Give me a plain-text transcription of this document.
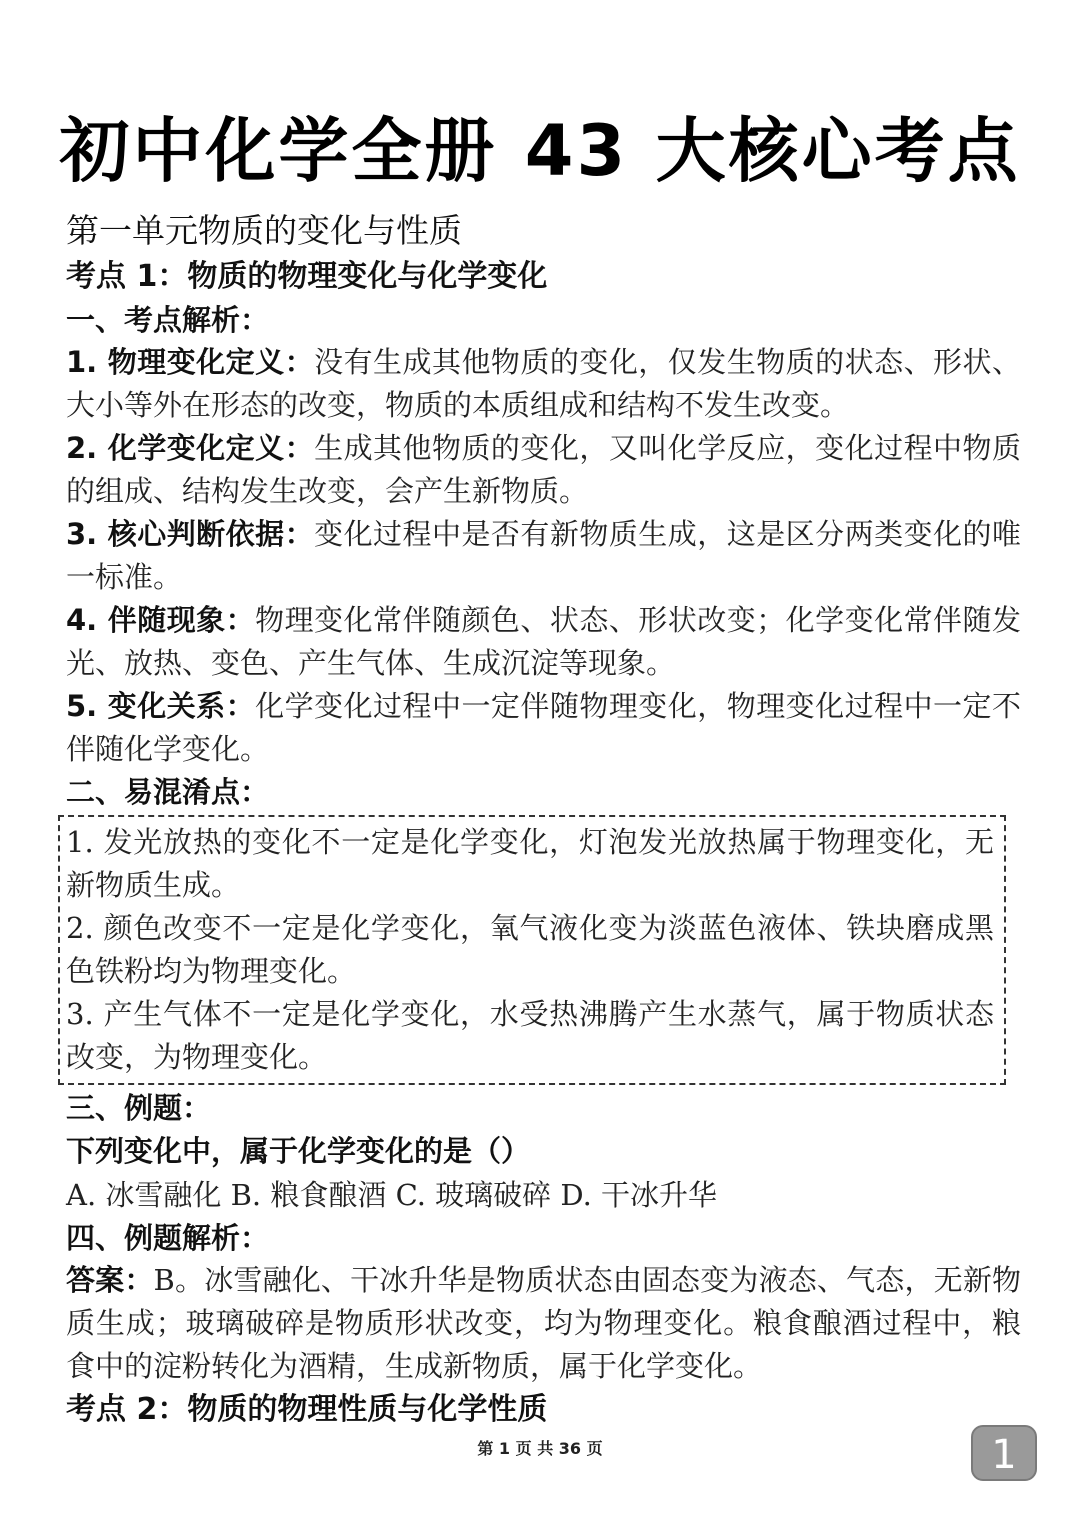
初中化学全册 43 大核心考点
第一单元物质的变化与性质
考点 1：物质的物理变化与化学变化
一、考点解析：

1. 物理变化定义：没有生成其他物质的变化，仅发生物质的状态、形状、大小等外在形态的改变，物质的本质组成和结构不发生改变。

2. 化学变化定义：生成其他物质的变化，又叫化学反应，变化过程中物质的组成、结构发生改变，会产生新物质。

3. 核心判断依据：变化过程中是否有新物质生成，这是区分两类变化的唯一标准。

4. 伴随现象：物理变化常伴随颜色、状态、形状改变；化学变化常伴随发光、放热、变色、产生气体、生成沉淀等现象。

5. 变化关系：化学变化过程中一定伴随物理变化，物理变化过程中一定不伴随化学变化。

二、易混淆点：

1. 发光放热的变化不一定是化学变化，灯泡发光放热属于物理变化，无新物质生成。

2. 颜色改变不一定是化学变化，氧气液化变为淡蓝色液体、铁块磨成黑色铁粉均为物理变化。

3. 产生气体不一定是化学变化，水受热沸腾产生水蒸气，属于物质状态改变，为物理变化。

三、例题：
下列变化中，属于化学变化的是（）
A. 冰雪融化 B. 粮食酿酒 C. 玻璃破碎 D. 干冰升华
四、例题解析：

答案：B。冰雪融化、干冰升华是物质状态由固态变为液态、气态，无新物质生成；玻璃破碎是物质形状改变，均为物理变化。粮食酿酒过程中，粮食中的淀粉转化为酒精，生成新物质，属于化学变化。

考点 2：物质的物理性质与化学性质
第 1 页 共 36 页	1
